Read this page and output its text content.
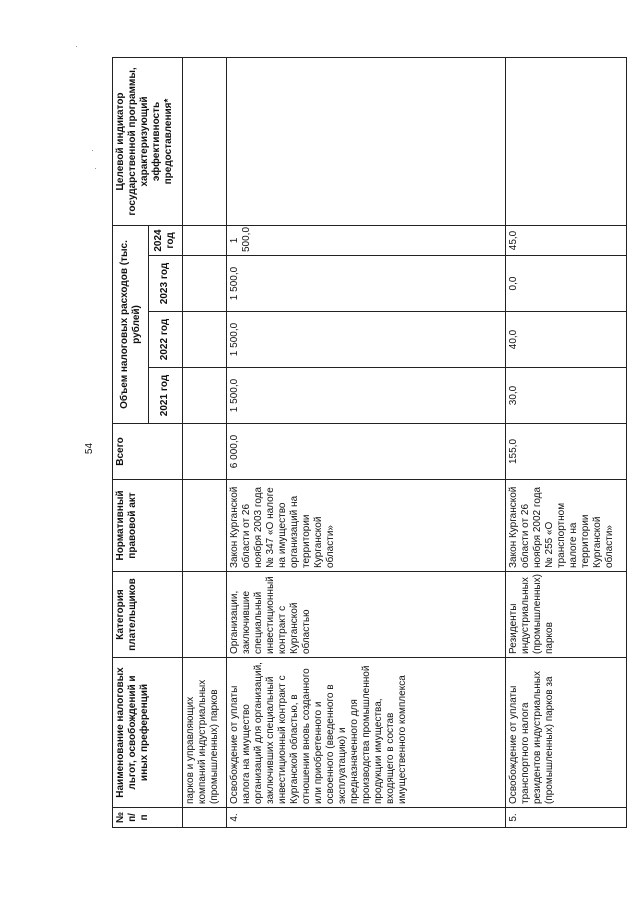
54
№ п/п	Наименование налоговых льгот, освобождений и иных преференций	Категория плательщиков	Нормативный правовой акт	Всего	Объем налоговых расходов (тыс. рублей)				Целевой индикатор государственной программы, характеризующий эффективность предоставления*
					2021 год	2022 год	2023 год	2024 год	
	парков и управляющих компаний индустриальных (промышленных) парков								
4.	Освобождение от уплаты налога на имущество организаций для организаций, заключивших специальный инвестиционный контракт с Курганской областью, в отношении вновь созданного или приобретенного и освоенного (введенного в эксплуатацию) и предназначенного для производства промышленной продукции имущества, входящего в состав имущественного комплекса	Организации, заключившие специальный инвестиционный контракт с Курганской областью	Закон Курганской области от 26 ноября 2003 года № 347 «О налоге на имущество организаций на территории Курганской области»	6 000,0	1 500,0	1 500,0	1 500,0	1 500,0	
5.	Освобождение от уплаты транспортного налога резидентов индустриальных (промышленных) парков за	Резиденты индустриальных (промышленных) парков	Закон Курганской области от 26 ноября 2002 года № 255 «О транспортном налоге на территории Курганской области»	155,0	30,0	40,0	0,0	45,0	
